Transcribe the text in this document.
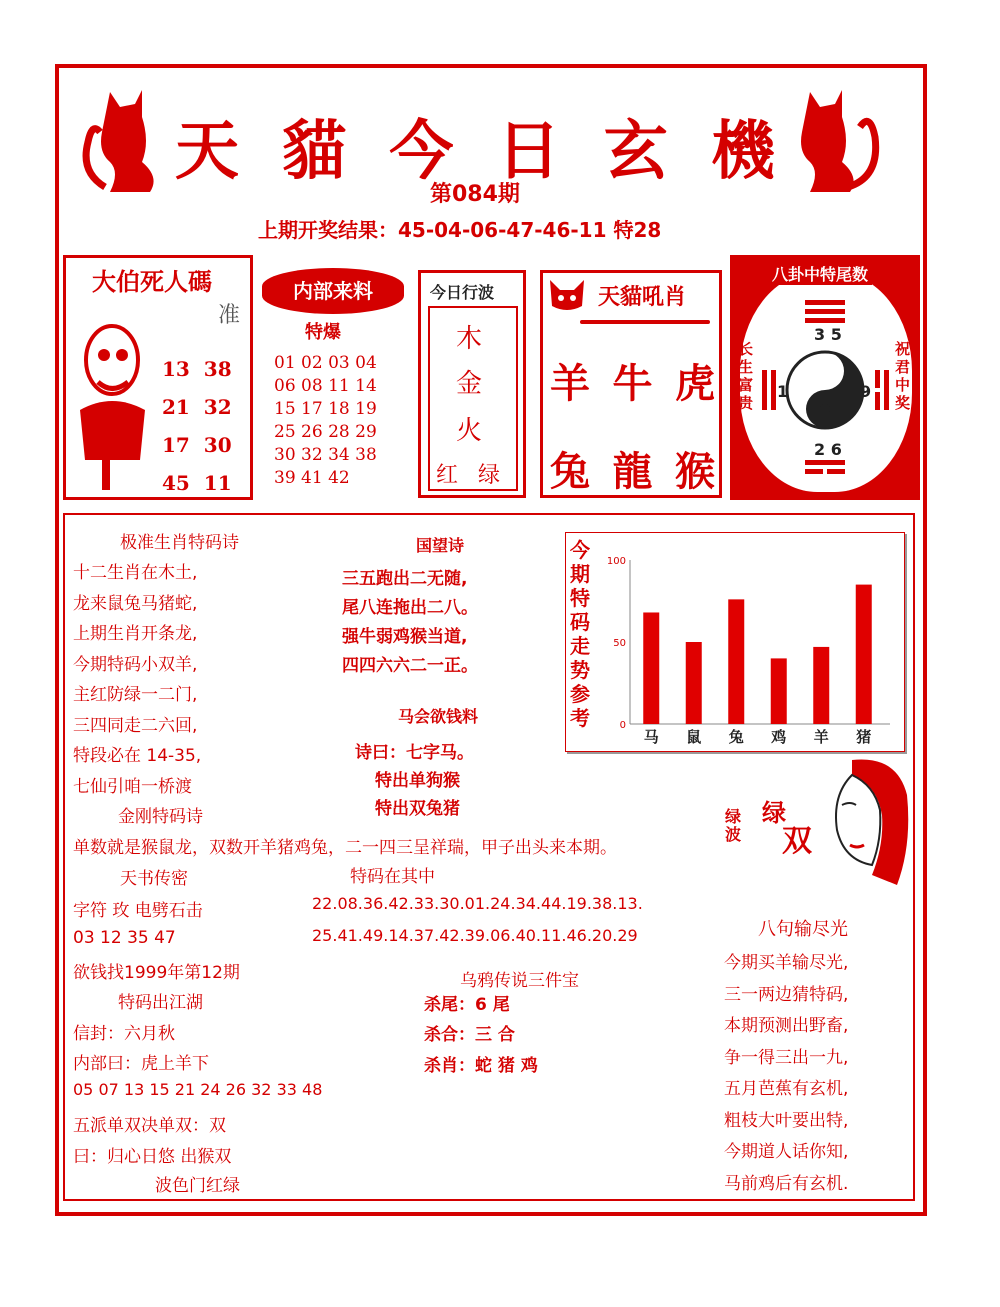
天 貓 今 日 玄 機
第084期
上期开奖结果：45-04-06-47-46-11 特28
大伯死人碼
准
13 38
21 32
17 30
45 11
内部来料
特爆
01 02 03 04
06 08 11 14
15 17 18 19
25 26 28 29
30 32 34 38
39 41 42
今日行波
木
金
火
红 绿
天貓吼肖
羊 牛 虎
兔 龍 猴
八卦中特尾数
3 5
1	9
2 6
长生富贵
祝君中奖
极准生肖特码诗
十二生肖在木土,
龙来鼠兔马猪蛇,
上期生肖开条龙,
今期特码小双羊,
主红防绿一二门,
三四同走二六回,
特段必在 14-35,
七仙引咱一桥渡
国望诗
三五跑出二无随,
尾八连拖出二八。
强牛弱鸡猴当道,
四四六六二一正。
马会欲钱料
诗曰：七字马。
特出单狗猴
特出双兔猪
今期特码走势参考	0
50
100
马 鼠 兔 鸡 羊 猪
金刚特码诗
单数就是猴鼠龙，双数开羊猪鸡兔，二一四三呈祥瑞，甲子出头来本期。
天书传密
字符 玫 电劈石击
03 12 35 47
欲钱找1999年第12期
特码在其中
22.08.36.42.33.30.01.24.34.44.19.38.13.
25.41.49.14.37.42.39.06.40.11.46.20.29
特码出江湖
信封：六月秋
内部曰：虎上羊下
05 07 13 15 21 24 26 32 33 48
五派单双决单双：双
曰：归心日悠 出猴双
波色门红绿
乌鸦传说三件宝
杀尾：6 尾
杀合：三 合
杀肖：蛇 猪 鸡
绿
双
绿波
八句输尽光
今期买羊输尽光,
三一两边猜特码,
本期预测出野畜,
争一得三出一九,
五月芭蕉有玄机,
粗枝大叶要出特,
今期道人话你知,
马前鸡后有玄机.
